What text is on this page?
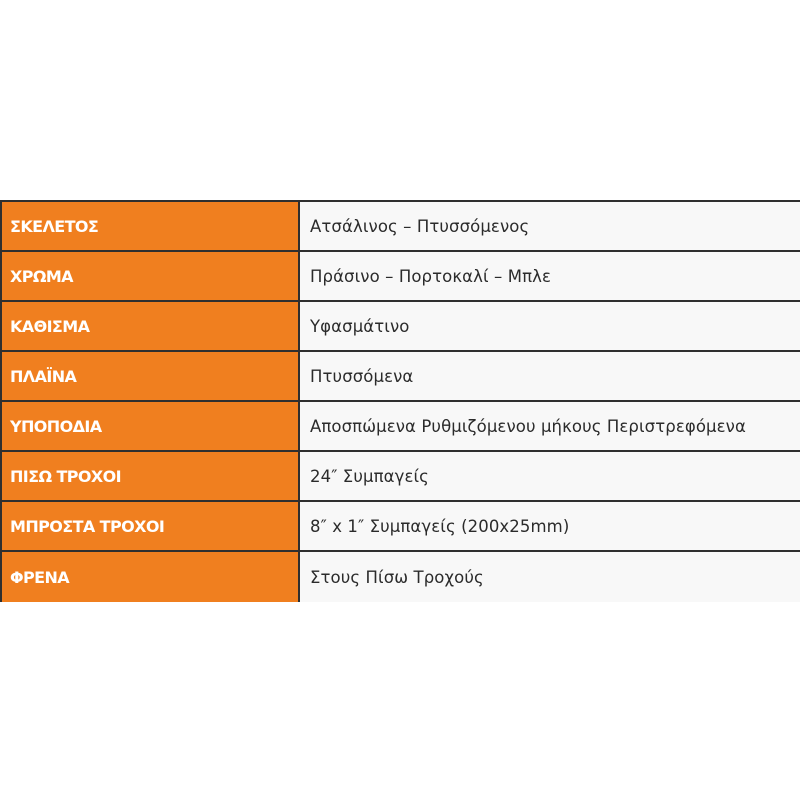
ΣΚΕΛΕΤΟΣ	Ατσάλινος – Πτυσσόμενος
ΧΡΩΜΑ	Πράσινο – Πορτοκαλί – Μπλε
ΚΑΘΙΣΜΑ	Υφασμάτινο
ΠΛΑΪΝΑ	Πτυσσόμενα
ΥΠΟΠΟΔΙΑ	Αποσπώμενα Ρυθμιζόμενου μήκους Περιστρεφόμενα
ΠΙΣΩ ΤΡΟΧΟΙ	24″ Συμπαγείς
ΜΠΡΟΣΤΑ ΤΡΟΧΟΙ	8″ x 1″ Συμπαγείς (200x25mm)
ΦΡΕΝΑ	Στους Πίσω Τροχούς
